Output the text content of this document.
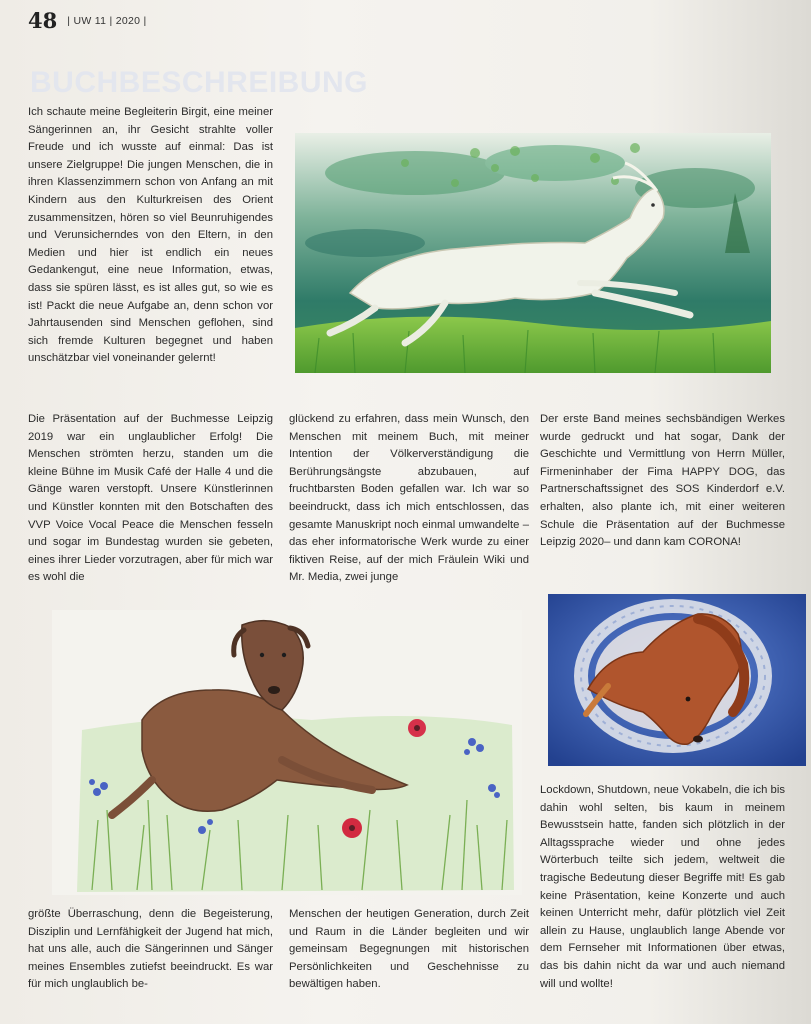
48 | UW 11 | 2020 |
BUCHBESCHREIBUNG

Ich schaute meine Begleiterin Birgit, eine meiner Sängerinnen an, ihr Gesicht strahlte voller Freude und ich wusste auf einmal: Das ist unsere Zielgruppe! Die jungen Menschen, die in ihren Klassenzimmern schon von Anfang an mit Kindern aus den Kulturkreisen des Orient zusammensitzen, hören so viel Beunruhigendes und Verunsicherndes von den Eltern, in den Medien und hier ist endlich ein neues Gedankengut, eine neue Information, etwas, dass sie spüren lässt, es ist alles gut, so wie es ist! Packt die neue Aufgabe an, denn schon vor Jahrtausenden sind Menschen geflohen, sind sich fremde Kulturen begegnet und haben unschätzbar viel voneinander gelernt!

Die Präsentation auf der Buchmesse Leipzig 2019 war ein unglaublicher Erfolg! Die Menschen strömten herzu, standen um die kleine Bühne im Musik Café der Halle 4 und die Gänge waren verstopft. Unsere Künstlerinnen und Künstler konnten mit den Botschaften des VVP Voice Vocal Peace die Menschen fesseln und sogar im Bundestag wurden sie gebeten, eines ihrer Lieder vorzutragen, aber für mich war es wohl die

größte Überraschung, denn die Begeisterung, Disziplin und Lernfähigkeit der Jugend hat mich, hat uns alle, auch die Sängerinnen und Sänger meines Ensembles zutiefst beeindruckt. Es war für mich unglaublich be-

glückend zu erfahren, dass mein Wunsch, den Menschen mit meinem Buch, mit meiner Intention der Völkerverständigung die Berührungsängste abzubauen, auf fruchtbarsten Boden gefallen war. Ich war so beeindruckt, dass ich mich entschlossen, das gesamte Manuskript noch einmal umwandelte – das eher informatorische Werk wurde zu einer fiktiven Reise, auf der mich Fräulein Wiki und Mr. Media, zwei junge

Menschen der heutigen Generation, durch Zeit und Raum in die Länder begleiten und wir gemeinsam Begegnungen mit historischen Persönlichkeiten und Geschehnisse zu bewältigen haben.

Der erste Band meines sechsbändigen Werkes wurde gedruckt und hat sogar, Dank der Geschichte und Vermittlung von Herrn Müller, Firmeninhaber der Fima HAPPY DOG, das Partnerschaftssignet des SOS Kinderdorf e.V. erhalten, also plante ich, mit einer weiteren Schule die Präsentation auf der Buchmesse Leipzig 2020– und dann kam CORONA!

Lockdown, Shutdown, neue Vokabeln, die ich bis dahin wohl selten, bis kaum in meinem Bewusstsein hatte, fanden sich plötzlich in der Alltagssprache wieder und ohne jedes Wörterbuch teilte sich jedem, weltweit die tragische Bedeutung dieser Begriffe mit! Es gab keine Präsentation, keine Konzerte und auch keinen Unterricht mehr, dafür plötzlich viel Zeit allein zu Hause, unglaublich lange Abende vor dem Fernseher mit Informationen über etwas, das bis dahin nicht da war und auch niemand will und wollte!
